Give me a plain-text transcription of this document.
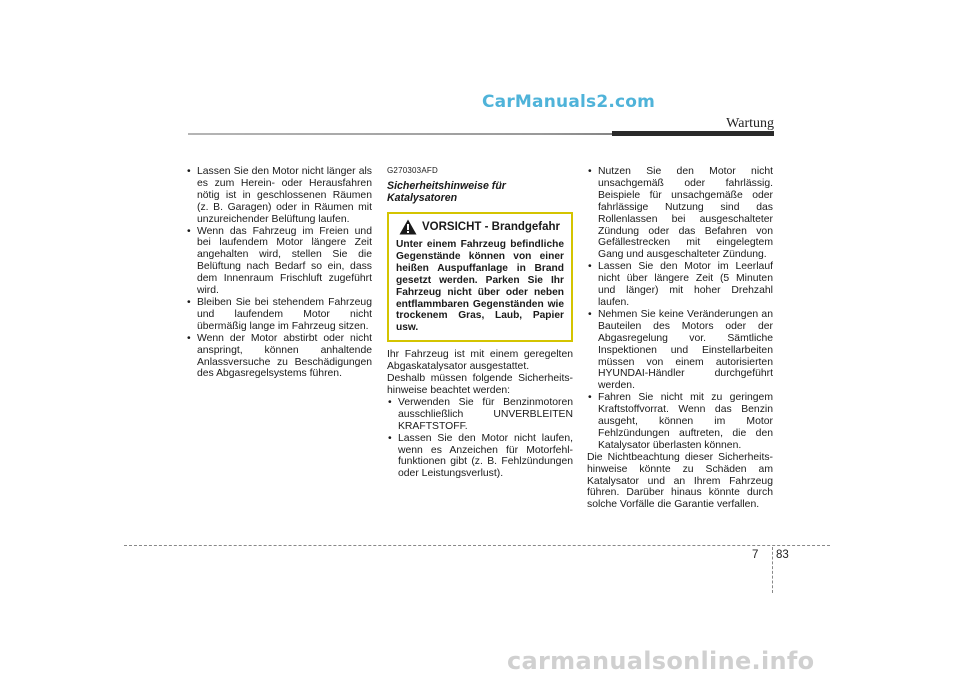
CarManuals2.com
Wartung
• Lassen Sie den Motor nicht länger als es zum Herein- oder Herausfahren nötig ist in geschlossenen Räumen (z. B. Garagen) oder in Räumen mit unzureichender Belüftung laufen.
• Wenn das Fahrzeug im Freien und bei laufendem Motor längere Zeit angehalten wird, stellen Sie die Belüftung nach Bedarf so ein, dass dem Innenraum Frischluft zugeführt wird.
• Bleiben Sie bei stehendem Fahrzeug und laufendem Motor nicht übermäßig lange im Fahrzeug sitzen.
• Wenn der Motor abstirbt oder nicht anspringt, können anhaltende Anlassversuche zu Beschädigungen des Abgasregelsystems führen.

G270303AFD

Sicherheitshinweise für Katalysatoren

VORSICHT - Brandgefahr
Unter einem Fahrzeug befindliche Gegenstände können von einer heißen Auspuffanlage in Brand gesetzt werden. Parken Sie Ihr Fahrzeug nicht über oder neben entflammbaren Gegenständen wie trockenem Gras, Laub, Papier usw.

Ihr Fahrzeug ist mit einem geregelten Abgaskatalysator ausgestattet.

Deshalb müssen folgende Sicherheits-hinweise beachtet werden:

• Verwenden Sie für Benzinmotoren ausschließlich UNVERBLEITEN KRAFTSTOFF.
• Lassen Sie den Motor nicht laufen, wenn es Anzeichen für Motorfehl-funktionen gibt (z. B. Fehlzündungen oder Leistungsverlust).
• Nutzen Sie den Motor nicht unsachgemäß oder fahrlässig. Beispiele für unsachgemäße oder fahrlässige Nutzung sind das Rollenlassen bei ausgeschalteter Zündung oder das Befahren von Gefällestrecken mit eingelegtem Gang und ausgeschalteter Zündung.
• Lassen Sie den Motor im Leerlauf nicht über längere Zeit (5 Minuten und länger) mit hoher Drehzahl laufen.
• Nehmen Sie keine Veränderungen an Bauteilen des Motors oder der Abgasregelung vor. Sämtliche Inspektionen und Einstellarbeiten müssen von einem autorisierten HYUNDAI-Händler durchgeführt werden.
• Fahren Sie nicht mit zu geringem Kraftstoffvorrat. Wenn das Benzin ausgeht, können im Motor Fehlzündungen auftreten, die den Katalysator überlasten können.

Die Nichtbeachtung dieser Sicherheits-hinweise könnte zu Schäden am Katalysator und an Ihrem Fahrzeug führen. Darüber hinaus könnte durch solche Vorfälle die Garantie verfallen.

7 83
carmanualsonline.info
